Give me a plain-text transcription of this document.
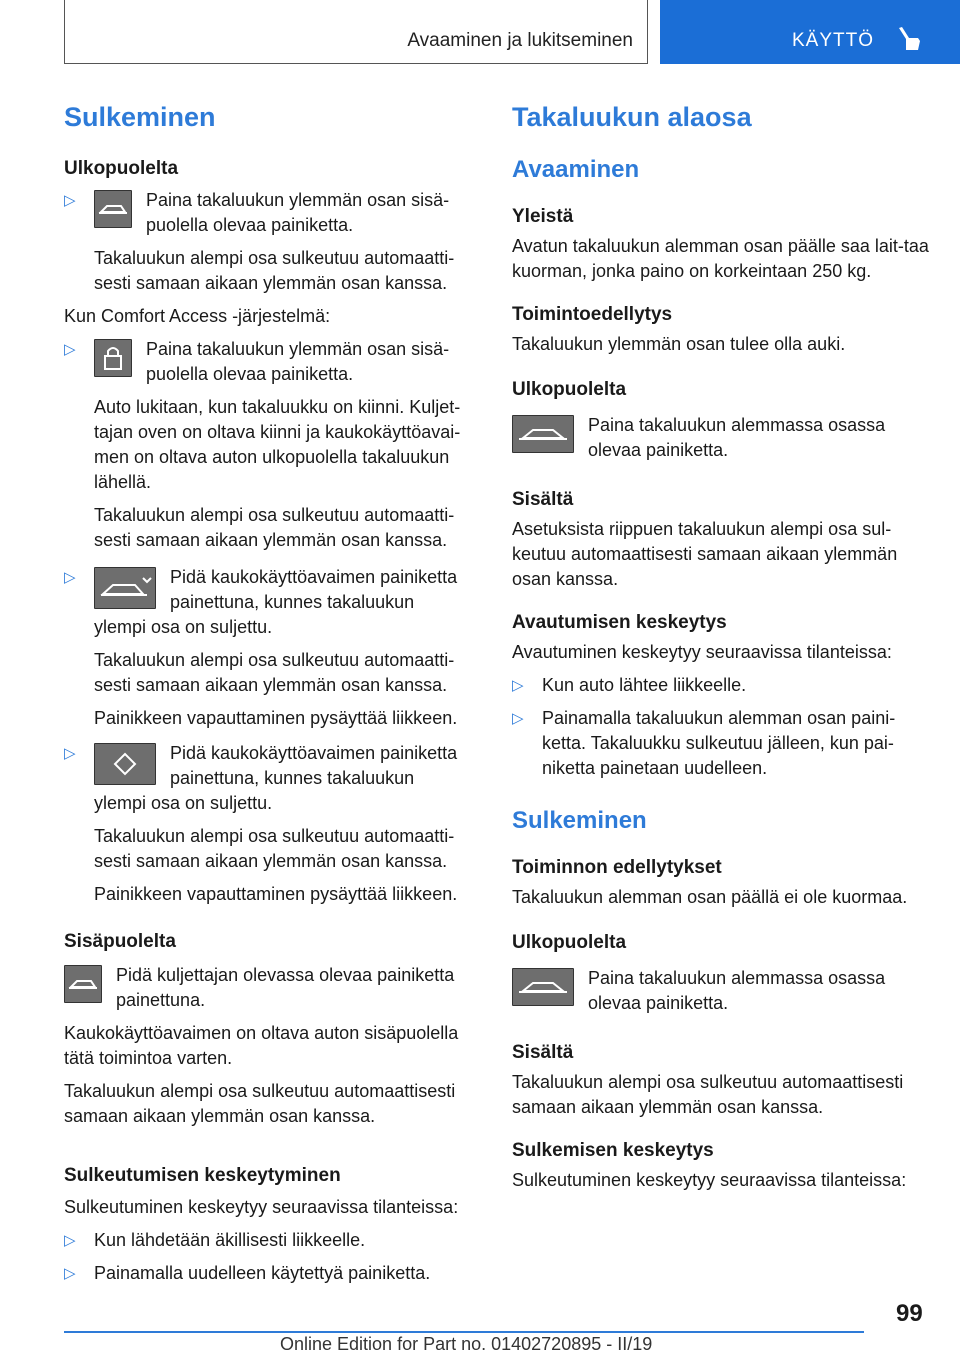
Avaaminen ja lukitseminen	KÄYTTÖ
Sulkeminen
Ulkopuolelta
▷	Paina takaluukun ylemmän osan sisä-puolella olevaa painiketta.
Takaluukun alempi osa sulkeutuu automaatti-sesti samaan aikaan ylemmän osan kanssa.
Kun Comfort Access -järjestelmä:
▷	Paina takaluukun ylemmän osan sisä-puolella olevaa painiketta.
Auto lukitaan, kun takaluukku on kiinni. Kuljet-tajan oven on oltava kiinni ja kaukokäyttöavai-men on oltava auton ulkopuolella takaluukun lähellä.
Takaluukun alempi osa sulkeutuu automaatti-sesti samaan aikaan ylemmän osan kanssa.
▷	Pidä kaukokäyttöavaimen painiketta painettuna, kunnes takaluukun
ylempi osa on suljettu.
Takaluukun alempi osa sulkeutuu automaatti-sesti samaan aikaan ylemmän osan kanssa.
Painikkeen vapauttaminen pysäyttää liikkeen.
▷	Pidä kaukokäyttöavaimen painiketta painettuna, kunnes takaluukun
ylempi osa on suljettu.
Takaluukun alempi osa sulkeutuu automaatti-sesti samaan aikaan ylemmän osan kanssa.
Painikkeen vapauttaminen pysäyttää liikkeen.
Sisäpuolelta
Pidä kuljettajan olevassa olevaa painiketta painettuna.
Kaukokäyttöavaimen on oltava auton sisäpuolella tätä toimintoa varten.
Takaluukun alempi osa sulkeutuu automaattisesti samaan aikaan ylemmän osan kanssa.
Sulkeutumisen keskeytyminen
Sulkeutuminen keskeytyy seuraavissa tilanteissa:
▷ Kun lähdetään äkillisesti liikkeelle.
▷ Painamalla uudelleen käytettyä painiketta.
Takaluukun alaosa
Avaaminen
Yleistä
Avatun takaluukun alemman osan päälle saa lait-taa kuorman, jonka paino on korkeintaan 250 kg.
Toimintoedellytys
Takaluukun ylemmän osan tulee olla auki.
Ulkopuolelta
Paina takaluukun alemmassa osassa olevaa painiketta.
Sisältä
Asetuksista riippuen takaluukun alempi osa sul-keutuu automaattisesti samaan aikaan ylemmän osan kanssa.
Avautumisen keskeytys
Avautuminen keskeytyy seuraavissa tilanteissa:
▷ Kun auto lähtee liikkeelle.
▷ Painamalla takaluukun alemman osan paini-ketta. Takaluukku sulkeutuu jälleen, kun pai-niketta painetaan uudelleen.
Sulkeminen
Toiminnon edellytykset
Takaluukun alemman osan päällä ei ole kuormaa.
Ulkopuolelta
Paina takaluukun alemmassa osassa olevaa painiketta.
Sisältä
Takaluukun alempi osa sulkeutuu automaattisesti samaan aikaan ylemmän osan kanssa.
Sulkemisen keskeytys
Sulkeutuminen keskeytyy seuraavissa tilanteissa:
99
Online Edition for Part no. 01402720895 - II/19
